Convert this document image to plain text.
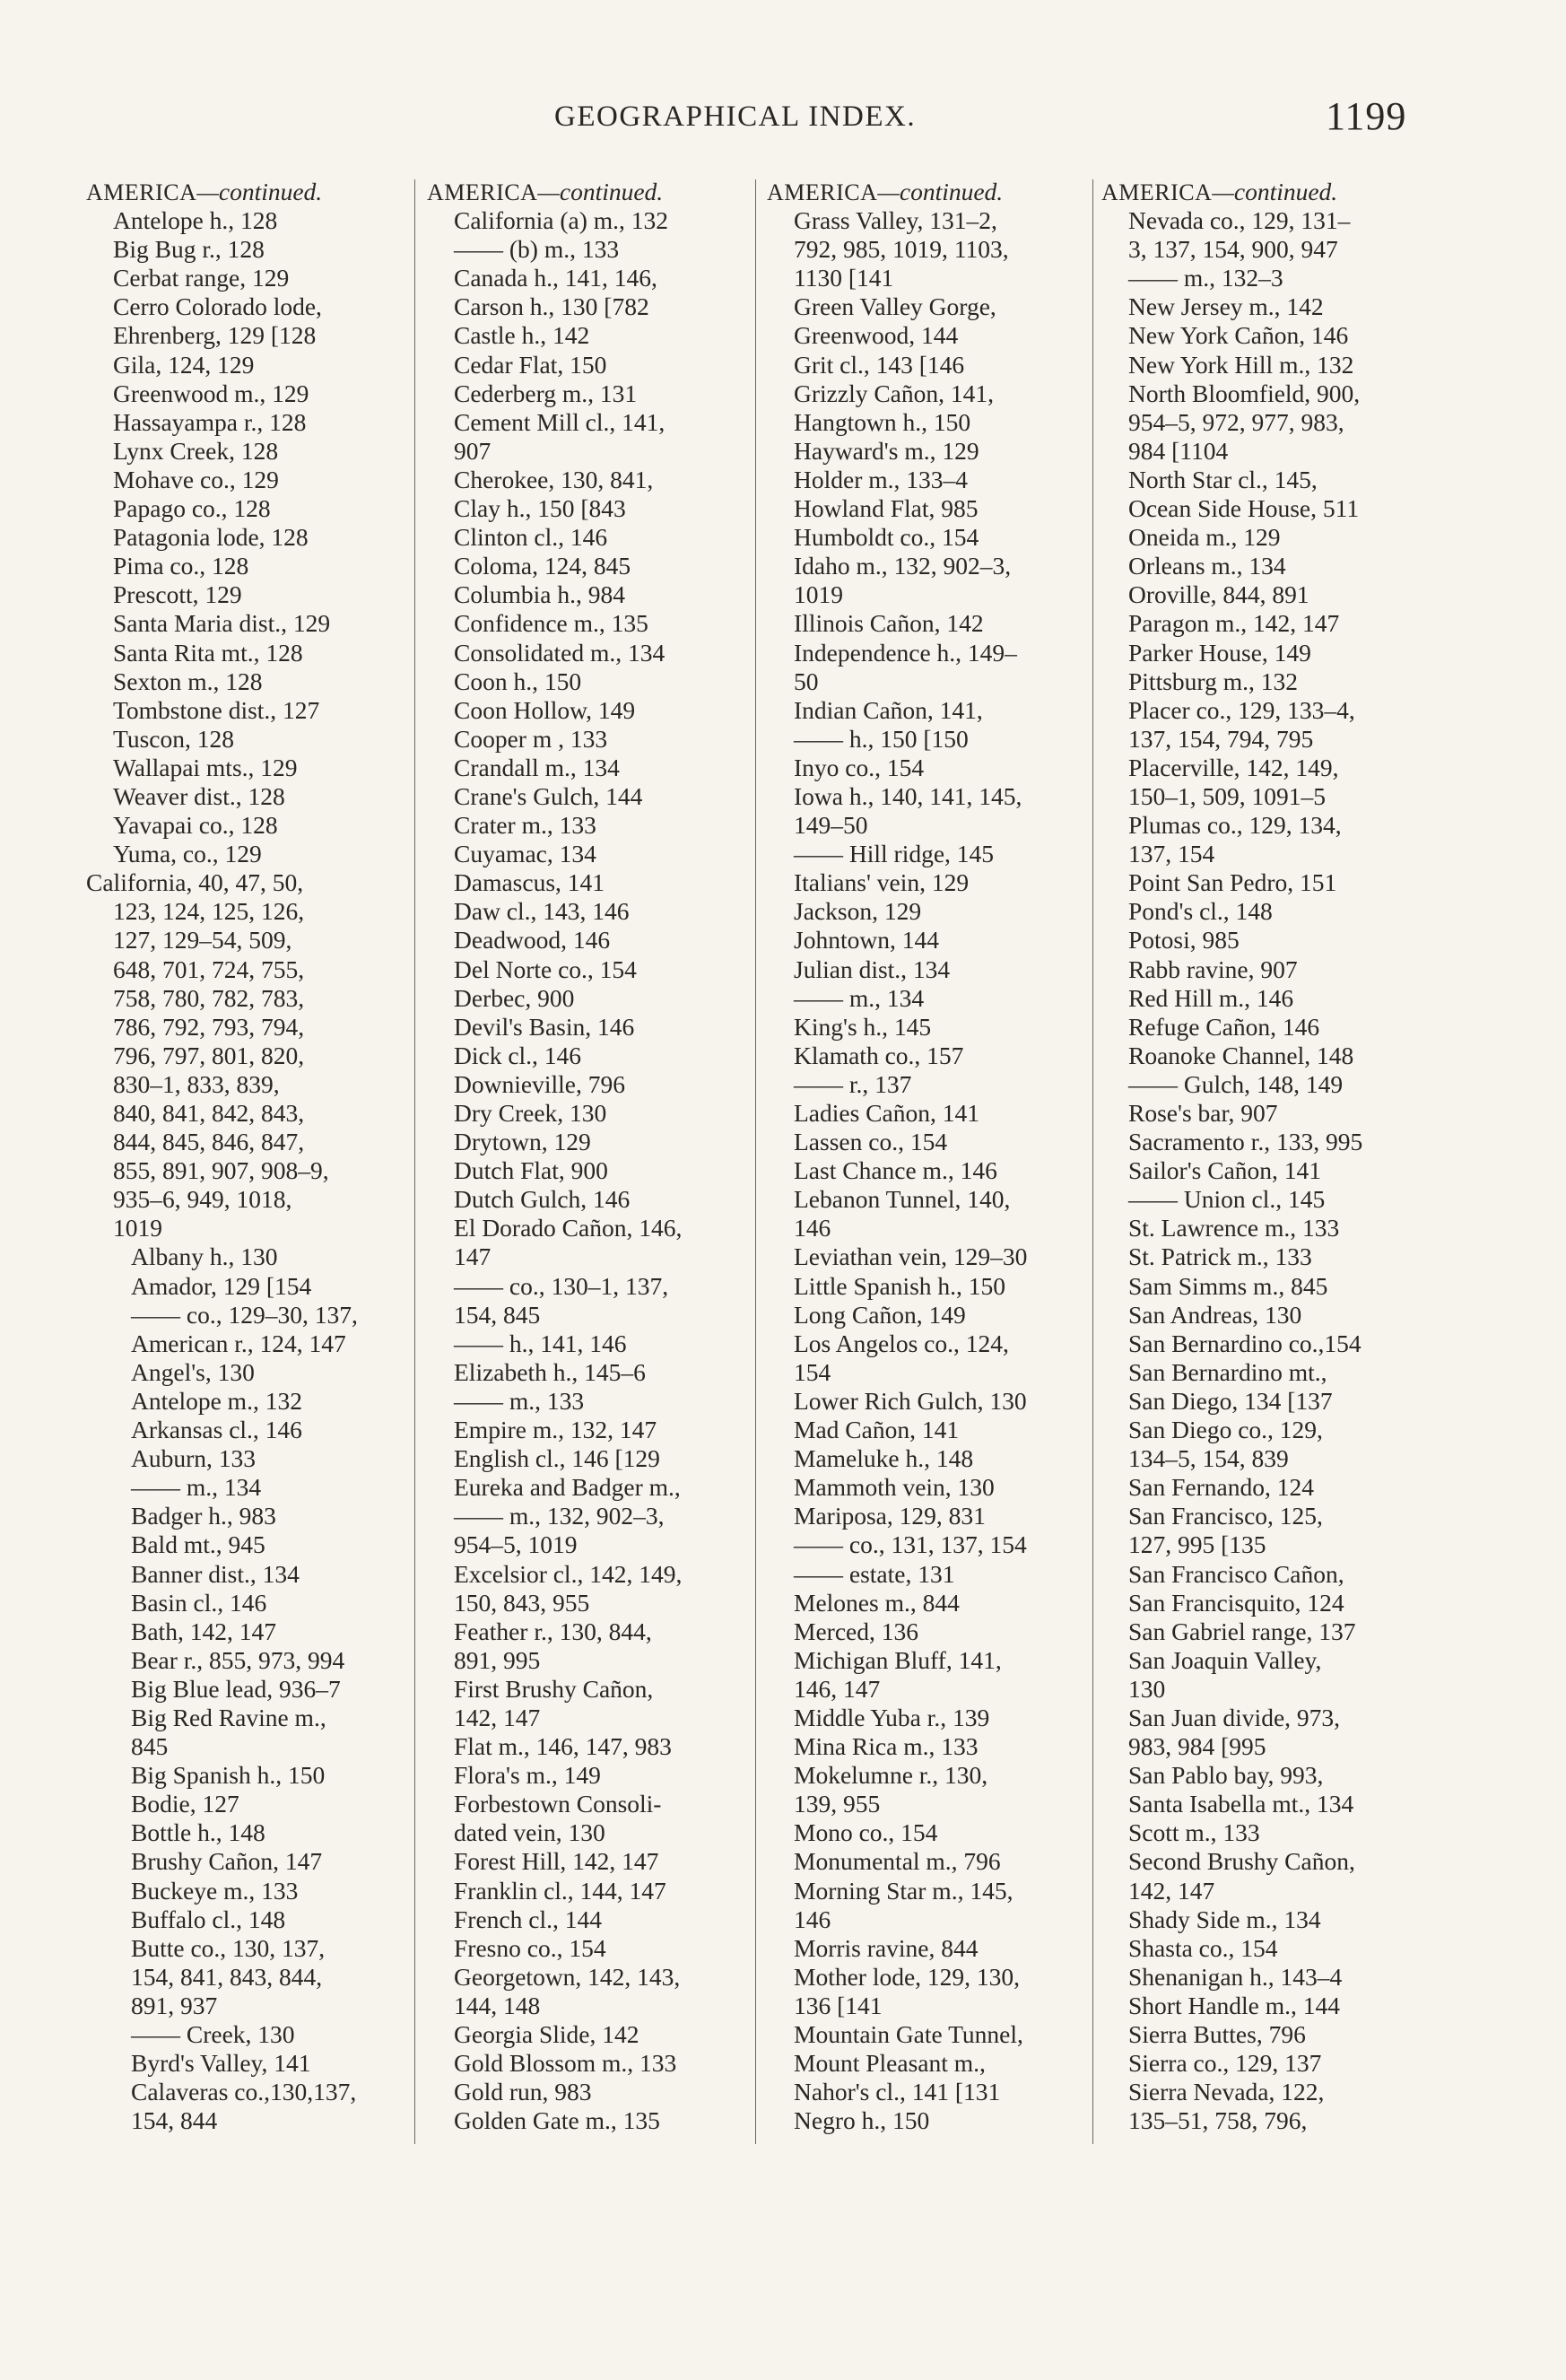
GEOGRAPHICAL INDEX.	1199
AMERICA—continued.
Antelope h., 128
Big Bug r., 128
Cerbat range, 129
Cerro Colorado lode,
Ehrenberg, 129 [128
Gila, 124, 129
Greenwood m., 129
Hassayampa r., 128
Lynx Creek, 128
Mohave co., 129
Papago co., 128
Patagonia lode, 128
Pima co., 128
Prescott, 129
Santa Maria dist., 129
Santa Rita mt., 128
Sexton m., 128
Tombstone dist., 127
Tuscon, 128
Wallapai mts., 129
Weaver dist., 128
Yavapai co., 128
Yuma, co., 129
California, 40, 47, 50,
123, 124, 125, 126,
127, 129–54, 509,
648, 701, 724, 755,
758, 780, 782, 783,
786, 792, 793, 794,
796, 797, 801, 820,
830–1, 833, 839,
840, 841, 842, 843,
844, 845, 846, 847,
855, 891, 907, 908–9,
935–6, 949, 1018,
1019
Albany h., 130
Amador, 129 [154
—— co., 129–30, 137,
American r., 124, 147
Angel's, 130
Antelope m., 132
Arkansas cl., 146
Auburn, 133
—— m., 134
Badger h., 983
Bald mt., 945
Banner dist., 134
Basin cl., 146
Bath, 142, 147
Bear r., 855, 973, 994
Big Blue lead, 936–7
Big Red Ravine m.,
845
Big Spanish h., 150
Bodie, 127
Bottle h., 148
Brushy Cañon, 147
Buckeye m., 133
Buffalo cl., 148
Butte co., 130, 137,
154, 841, 843, 844,
891, 937
—— Creek, 130
Byrd's Valley, 141
Calaveras co.,130,137,
154, 844
AMERICA—continued.
California (a) m., 132
—— (b) m., 133
Canada h., 141, 146,
Carson h., 130 [782
Castle h., 142
Cedar Flat, 150
Cederberg m., 131
Cement Mill cl., 141,
907
Cherokee, 130, 841,
Clay h., 150 [843
Clinton cl., 146
Coloma, 124, 845
Columbia h., 984
Confidence m., 135
Consolidated m., 134
Coon h., 150
Coon Hollow, 149
Cooper m , 133
Crandall m., 134
Crane's Gulch, 144
Crater m., 133
Cuyamac, 134
Damascus, 141
Daw cl., 143, 146
Deadwood, 146
Del Norte co., 154
Derbec, 900
Devil's Basin, 146
Dick cl., 146
Downieville, 796
Dry Creek, 130
Drytown, 129
Dutch Flat, 900
Dutch Gulch, 146
El Dorado Cañon, 146,
147
—— co., 130–1, 137,
154, 845
—— h., 141, 146
Elizabeth h., 145–6
—— m., 133
Empire m., 132, 147
English cl., 146 [129
Eureka and Badger m.,
—— m., 132, 902–3,
954–5, 1019
Excelsior cl., 142, 149,
150, 843, 955
Feather r., 130, 844,
891, 995
First Brushy Cañon,
142, 147
Flat m., 146, 147, 983
Flora's m., 149
Forbestown Consoli-
dated vein, 130
Forest Hill, 142, 147
Franklin cl., 144, 147
French cl., 144
Fresno co., 154
Georgetown, 142, 143,
144, 148
Georgia Slide, 142
Gold Blossom m., 133
Gold run, 983
Golden Gate m., 135
AMERICA—continued.
Grass Valley, 131–2,
792, 985, 1019, 1103,
1130 [141
Green Valley Gorge,
Greenwood, 144
Grit cl., 143 [146
Grizzly Cañon, 141,
Hangtown h., 150
Hayward's m., 129
Holder m., 133–4
Howland Flat, 985
Humboldt co., 154
Idaho m., 132, 902–3,
1019
Illinois Cañon, 142
Independence h., 149–
50
Indian Cañon, 141,
—— h., 150 [150
Inyo co., 154
Iowa h., 140, 141, 145,
149–50
—— Hill ridge, 145
Italians' vein, 129
Jackson, 129
Johntown, 144
Julian dist., 134
—— m., 134
King's h., 145
Klamath co., 157
—— r., 137
Ladies Cañon, 141
Lassen co., 154
Last Chance m., 146
Lebanon Tunnel, 140,
146
Leviathan vein, 129–30
Little Spanish h., 150
Long Cañon, 149
Los Angelos co., 124,
154
Lower Rich Gulch, 130
Mad Cañon, 141
Mameluke h., 148
Mammoth vein, 130
Mariposa, 129, 831
—— co., 131, 137, 154
—— estate, 131
Melones m., 844
Merced, 136
Michigan Bluff, 141,
146, 147
Middle Yuba r., 139
Mina Rica m., 133
Mokelumne r., 130,
139, 955
Mono co., 154
Monumental m., 796
Morning Star m., 145,
146
Morris ravine, 844
Mother lode, 129, 130,
136 [141
Mountain Gate Tunnel,
Mount Pleasant m.,
Nahor's cl., 141 [131
Negro h., 150
AMERICA—continued.
Nevada co., 129, 131–
3, 137, 154, 900, 947
—— m., 132–3
New Jersey m., 142
New York Cañon, 146
New York Hill m., 132
North Bloomfield, 900,
954–5, 972, 977, 983,
984 [1104
North Star cl., 145,
Ocean Side House, 511
Oneida m., 129
Orleans m., 134
Oroville, 844, 891
Paragon m., 142, 147
Parker House, 149
Pittsburg m., 132
Placer co., 129, 133–4,
137, 154, 794, 795
Placerville, 142, 149,
150–1, 509, 1091–5
Plumas co., 129, 134,
137, 154
Point San Pedro, 151
Pond's cl., 148
Potosi, 985
Rabb ravine, 907
Red Hill m., 146
Refuge Cañon, 146
Roanoke Channel, 148
—— Gulch, 148, 149
Rose's bar, 907
Sacramento r., 133, 995
Sailor's Cañon, 141
—— Union cl., 145
St. Lawrence m., 133
St. Patrick m., 133
Sam Simms m., 845
San Andreas, 130
San Bernardino co.,154
San Bernardino mt.,
San Diego, 134 [137
San Diego co., 129,
134–5, 154, 839
San Fernando, 124
San Francisco, 125,
127, 995 [135
San Francisco Cañon,
San Francisquito, 124
San Gabriel range, 137
San Joaquin Valley,
130
San Juan divide, 973,
983, 984 [995
San Pablo bay, 993,
Santa Isabella mt., 134
Scott m., 133
Second Brushy Cañon,
142, 147
Shady Side m., 134
Shasta co., 154
Shenanigan h., 143–4
Short Handle m., 144
Sierra Buttes, 796
Sierra co., 129, 137
Sierra Nevada, 122,
135–51, 758, 796,
